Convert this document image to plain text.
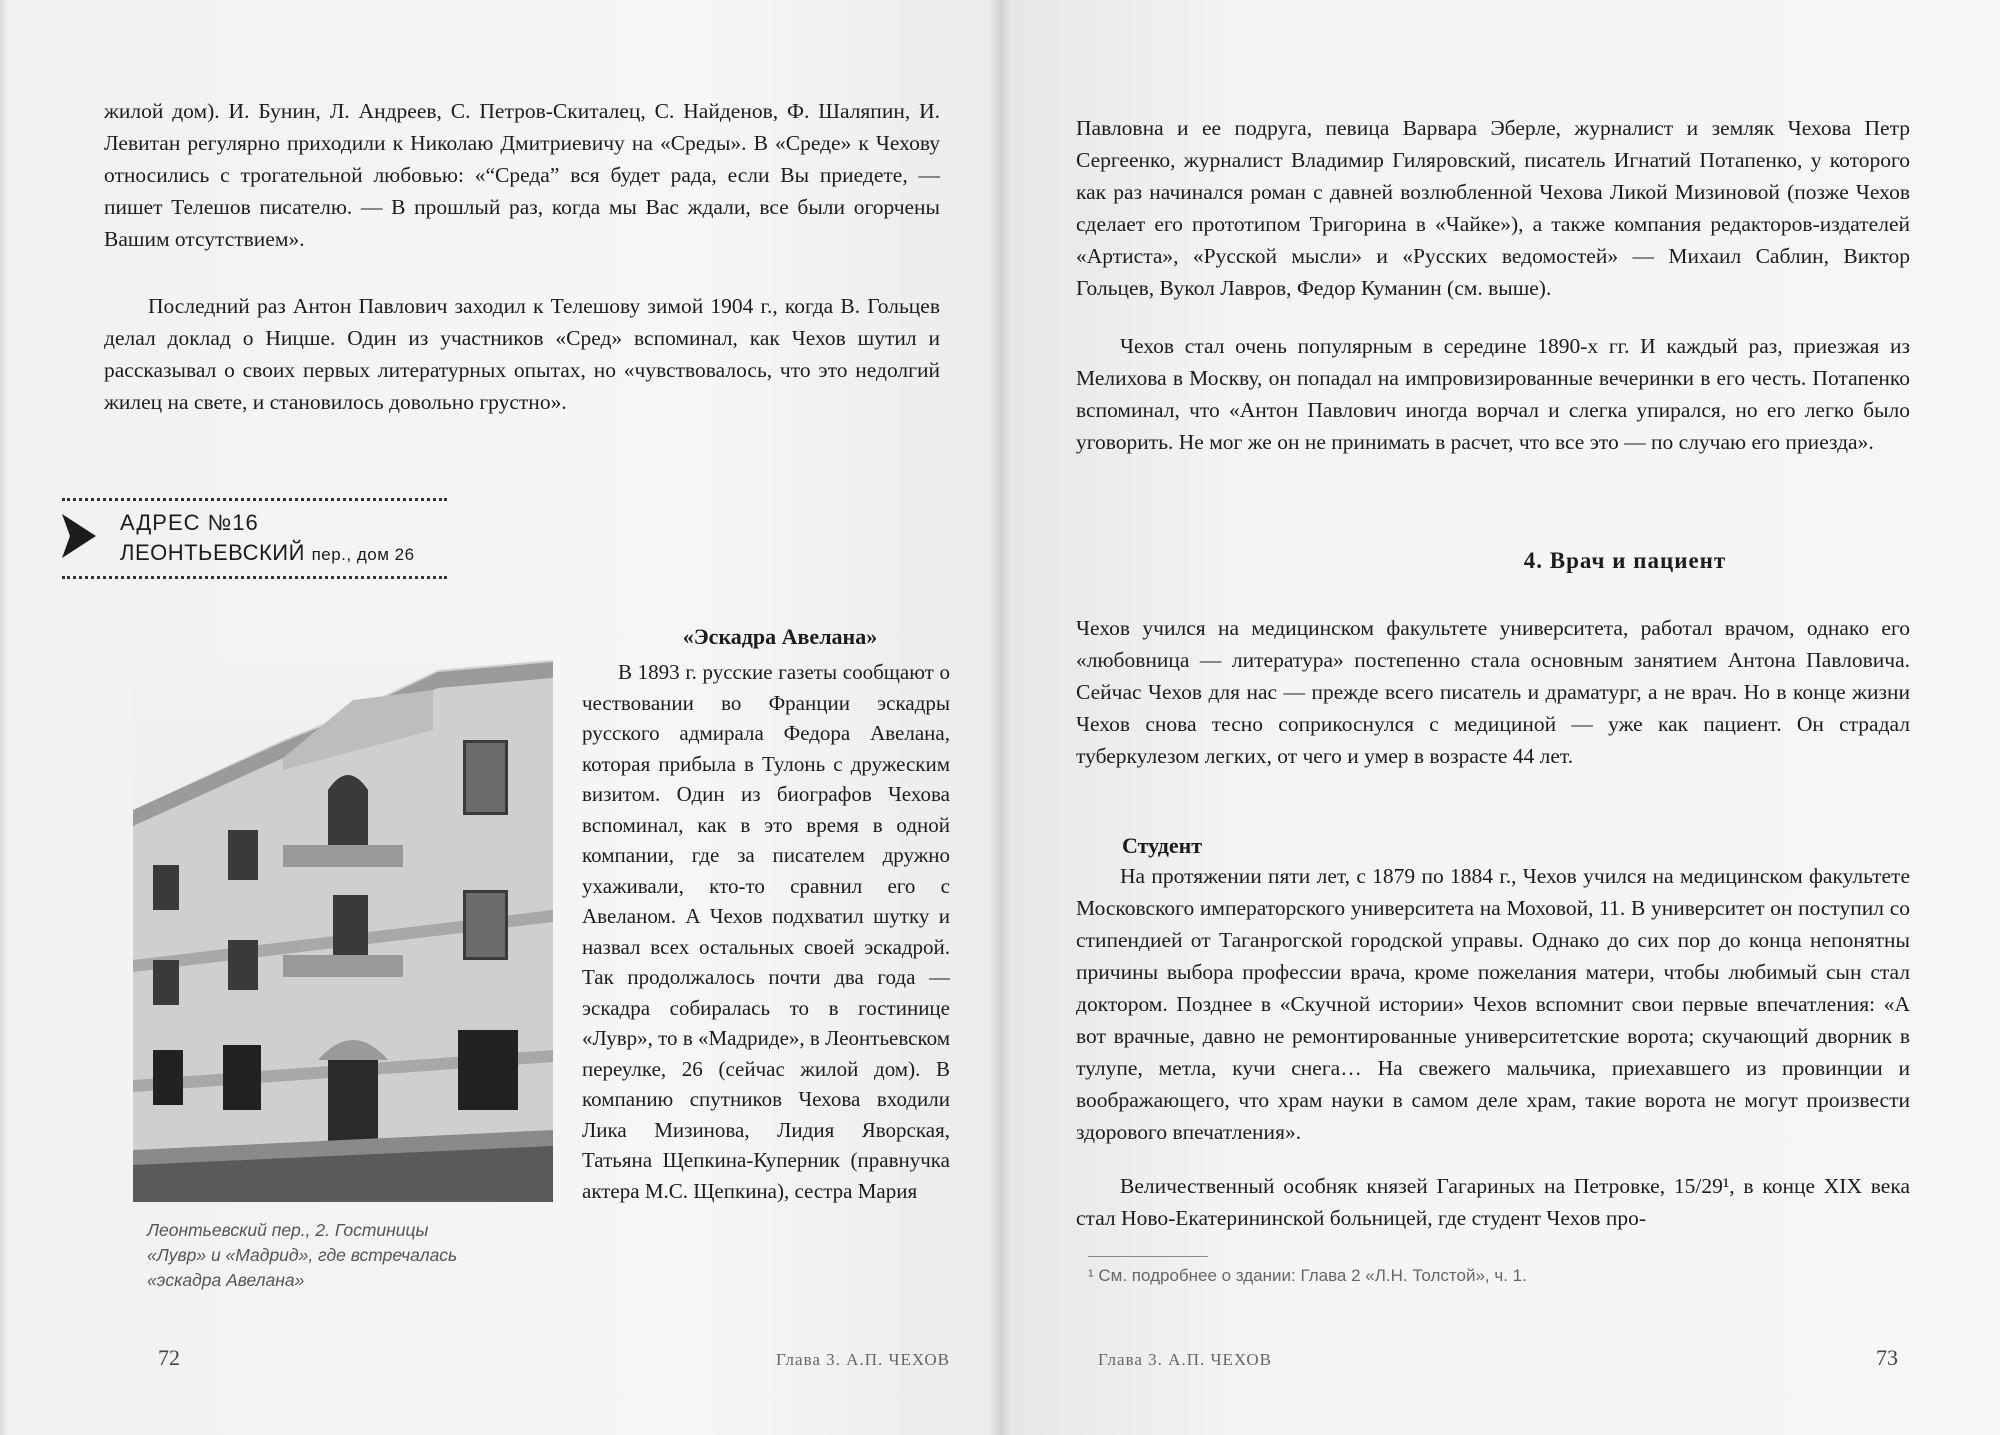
жилой дом). И. Бунин, Л. Андреев, С. Петров-Скиталец, С. Найденов, Ф. Шаляпин, И. Левитан регулярно приходили к Николаю Дмитриевичу на «Среды». В «Среде» к Чехову относились с трогательной любовью: «“Среда” вся будет рада, если Вы приедете, — пишет Телешов писателю. — В прошлый раз, когда мы Вас ждали, все были огорчены Вашим отсутствием».

Последний раз Антон Павлович заходил к Телешову зимой 1904 г., когда В. Гольцев делал доклад о Ницше. Один из участников «Сред» вспоминал, как Чехов шутил и рассказывал о своих первых литературных опытах, но «чувствовалось, что это недолгий жилец на свете, и становилось довольно грустно».

АДРЕС №16
ЛЕОНТЬЕВСКИЙ пер., дом 26
Леонтьевский пер., 2. Гостиницы «Лувр» и «Мадрид», где встречалась «эскадра Авелана»
«Эскадра Авелана»
В 1893 г. русские газеты сообщают о чествовании во Франции эскадры русского адмирала Федора Авелана, которая прибыла в Тулонь с дружеским визитом. Один из биографов Чехова вспоминал, как в это время в одной компании, где за писателем дружно ухаживали, кто-то сравнил его с Авеланом. А Чехов подхватил шутку и назвал всех остальных своей эскадрой. Так продолжалось почти два года — эскадра собиралась то в гостинице «Лувр», то в «Мадриде», в Леонтьевском переулке, 26 (сейчас жилой дом). В компанию спутников Чехова входили Лика Мизинова, Лидия Яворская, Татьяна Щепкина-Куперник (правнучка актера М.С. Щепкина), сестра Мария
72	Глава 3. А.П. ЧЕХОВ

Павловна и ее подруга, певица Варвара Эберле, журналист и земляк Чехова Петр Сергеенко, журналист Владимир Гиляровский, писатель Игнатий Потапенко, у которого как раз начинался роман с давней возлюбленной Чехова Ликой Мизиновой (позже Чехов сделает его прототипом Тригорина в «Чайке»), а также компания редакторов-издателей «Артиста», «Русской мысли» и «Русских ведомостей» — Михаил Саблин, Виктор Гольцев, Вукол Лавров, Федор Куманин (см. выше).

Чехов стал очень популярным в середине 1890-х гг. И каждый раз, приезжая из Мелихова в Москву, он попадал на импровизированные вечеринки в его честь. Потапенко вспоминал, что «Антон Павлович иногда ворчал и слегка упирался, но его легко было уговорить. Не мог же он не принимать в расчет, что все это — по случаю его приезда».

Чехов учился на медицинском факультете университета, работал врачом, однако его «любовница — литература» постепенно стала основным занятием Антона Павловича. Сейчас Чехов для нас — прежде всего писатель и драматург, а не врач. Но в конце жизни Чехов снова тесно соприкоснулся с медициной — уже как пациент. Он страдал туберкулезом легких, от чего и умер в возрасте 44 лет.

На протяжении пяти лет, с 1879 по 1884 г., Чехов учился на медицинском факультете Московского императорского университета на Моховой, 11. В университет он поступил со стипендией от Таганрогской городской управы. Однако до сих пор до конца непонятны причины выбора профессии врача, кроме пожелания матери, чтобы любимый сын стал доктором. Позднее в «Скучной истории» Чехов вспомнит свои первые впечатления: «А вот врачные, давно не ремонтированные университетские ворота; скучающий дворник в тулупе, метла, кучи снега… На свежего мальчика, приехавшего из провинции и воображающего, что храм науки в самом деле храм, такие ворота не могут произвести здорового впечатления».

Величественный особняк князей Гагариных на Петровке, 15/29¹, в конце XIX века стал Ново-Екатерининской больницей, где студент Чехов про-

4. Врач и пациент
Студент
¹ См. подробнее о здании: Глава 2 «Л.Н. Толстой», ч. 1.
Глава 3. А.П. ЧЕХОВ	73
